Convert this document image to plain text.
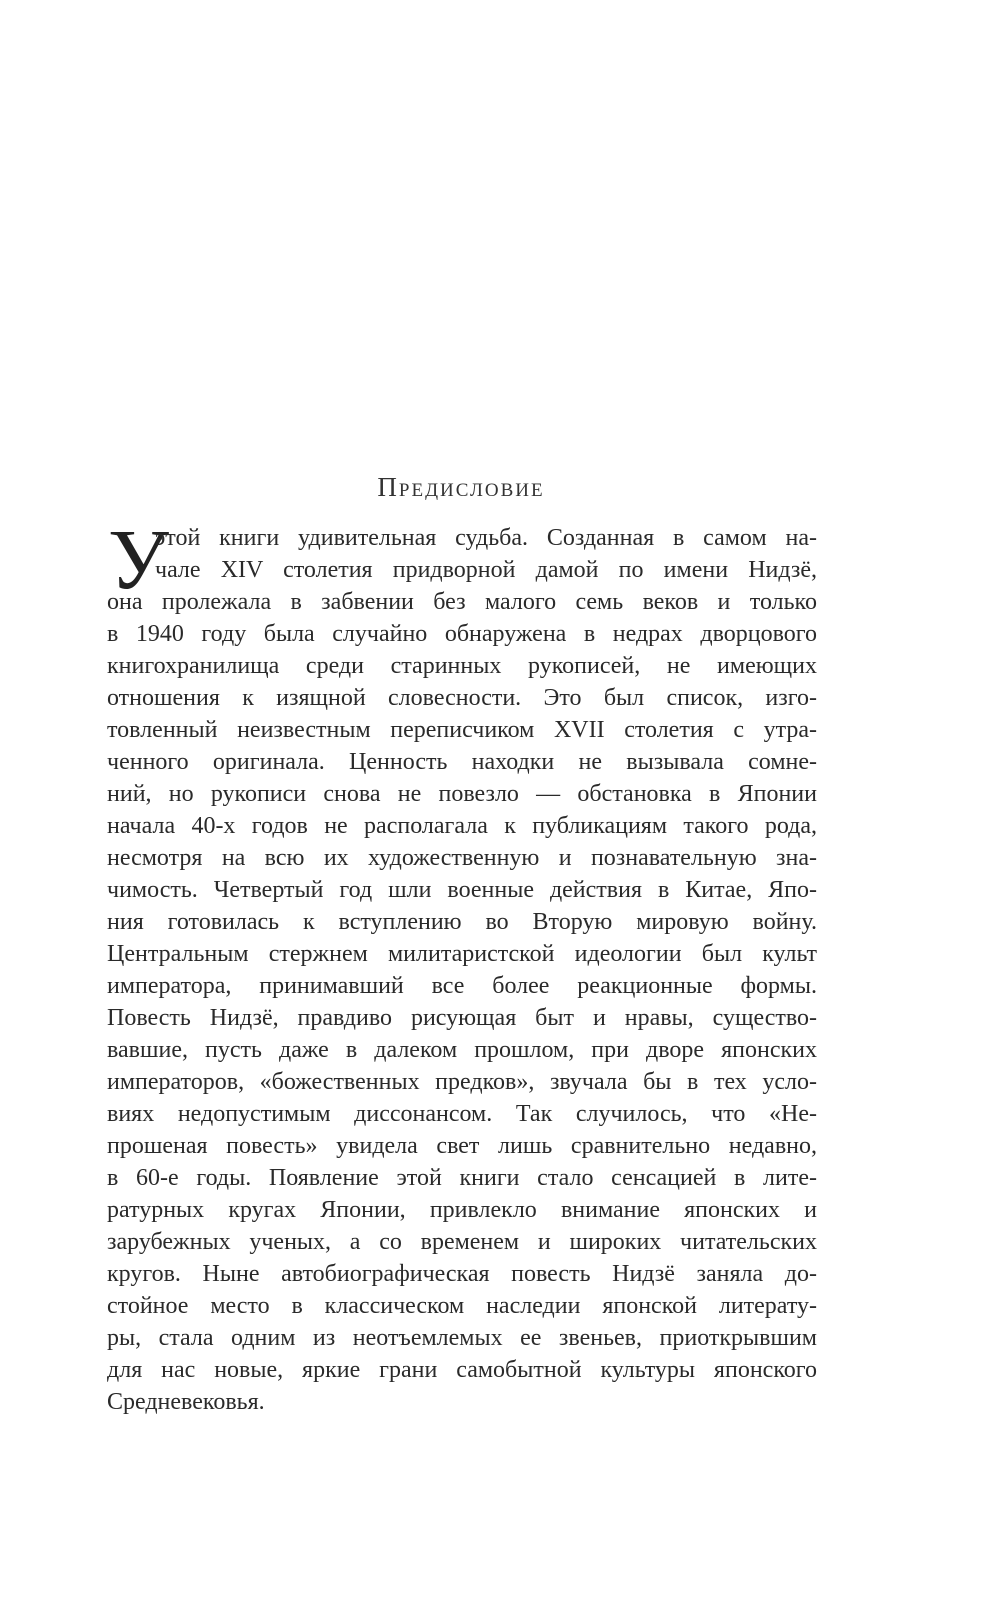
Предисловие
У
этой книги удивительная судьба. Созданная в самом на-
чале XIV столетия придворной дамой по имени Нидзё,
она пролежала в забвении без малого семь веков и только
в 1940 году была случайно обнаружена в недрах дворцового
книгохранилища среди старинных рукописей, не имеющих
отношения к изящной словесности. Это был список, изго-
товленный неизвестным переписчиком XVII столетия с утра-
ченного оригинала. Ценность находки не вызывала сомне-
ний, но рукописи снова не повезло — обстановка в Японии
начала 40-х годов не располагала к публикациям такого рода,
несмотря на всю их художественную и познавательную зна-
чимость. Четвертый год шли военные действия в Китае, Япо-
ния готовилась к вступлению во Вторую мировую войну.
Центральным стержнем милитаристской идеологии был культ
императора, принимавший все более реакционные формы.
Повесть Нидзё, правдиво рисующая быт и нравы, существо-
вавшие, пусть даже в далеком прошлом, при дворе японских
императоров, «божественных предков», звучала бы в тех усло-
виях недопустимым диссонансом. Так случилось, что «Не-
прошеная повесть» увидела свет лишь сравнительно недавно,
в 60-е годы. Появление этой книги стало сенсацией в лите-
ратурных кругах Японии, привлекло внимание японских и
зарубежных ученых, а со временем и широких читательских
кругов. Ныне автобиографическая повесть Нидзё заняла до-
стойное место в классическом наследии японской литерату-
ры, стала одним из неотъемлемых ее звеньев, приоткрывшим
для нас новые, яркие грани самобытной культуры японского
Средневековья.
